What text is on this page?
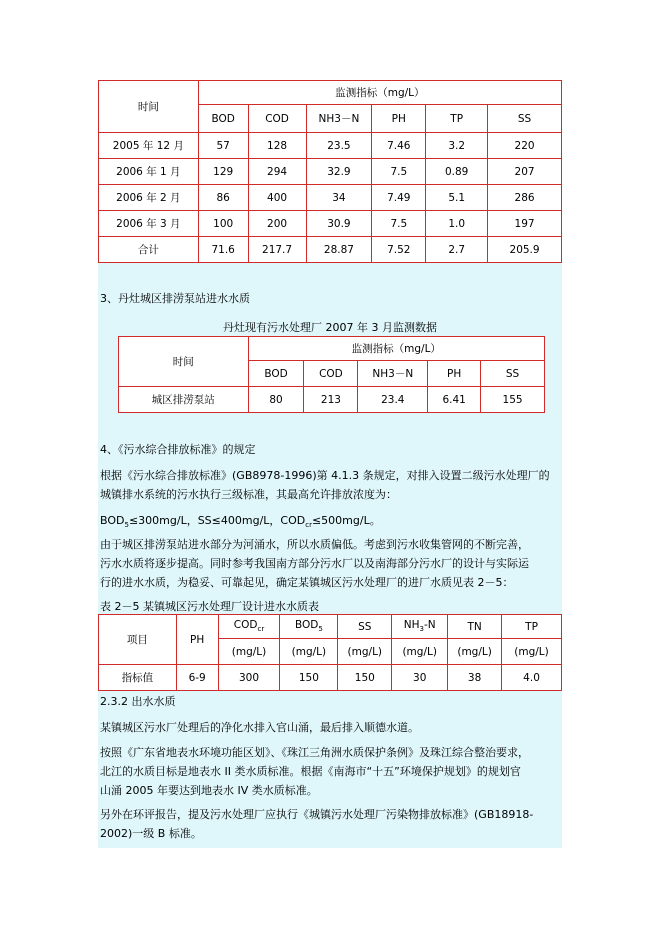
时间	监测指标（mg/L）					
	BOD	COD	NH3－N	PH	TP	SS
2005 年 12 月	57	128	23.5	7.46	3.2	220
2006 年 1 月	129	294	32.9	7.5	0.89	207
2006 年 2 月	86	400	34	7.49	5.1	286
2006 年 3 月	100	200	30.9	7.5	1.0	197
合计	71.6	217.7	28.87	7.52	2.7	205.9

3、丹灶城区排涝泵站进水水质

丹灶现有污水处理厂 2007 年 3 月监测数据
时间	监测指标（mg/L）				
	BOD	COD	NH3－N	PH	SS
城区排涝泵站	80	213	23.4	6.41	155

4、《污水综合排放标准》的规定

根据《污水综合排放标准》(GB8978-1996)第 4.1.3 条规定，对排入设置二级污水处理厂的
城镇排水系统的污水执行三级标准，其最高允许排放浓度为：

$BOD_5\le 300mg/L$，SS≤400mg/L，$COD_{cr}\le 500mg/L$。

由于城区排涝泵站进水部分为河涌水，所以水质偏低。考虑到污水收集管网的不断完善，
污水水质将逐步提高。同时参考我国南方部分污水厂以及南海部分污水厂的设计与实际运
行的进水水质，为稳妥、可靠起见，确定某镇城区污水处理厂的进厂水质见表 2－5：

表 2－5 某镇城区污水处理厂设计进水水质表

项目	PH	$COD_{cr}$	$BOD_5$	SS	$NH_3-N$	TN	TP
		(mg/L)	(mg/L)	(mg/L)	(mg/L)	(mg/L)	(mg/L)
指标值	6-9	300	150	150	30	38	4.0

2.3.2 出水水质

某镇城区污水厂处理后的净化水排入官山涌，最后排入顺德水道。

按照《广东省地表水环境功能区划》、《珠江三角洲水质保护条例》及珠江综合整治要求，
北江的水质目标是地表水 II 类水质标准。根据《南海市“十五”环境保护规划》的规划官
山涌 2005 年要达到地表水 IV 类水质标准。

另外在环评报告，提及污水处理厂应执行《城镇污水处理厂污染物排放标准》(GB18918-
2002)一级 B 标准。
